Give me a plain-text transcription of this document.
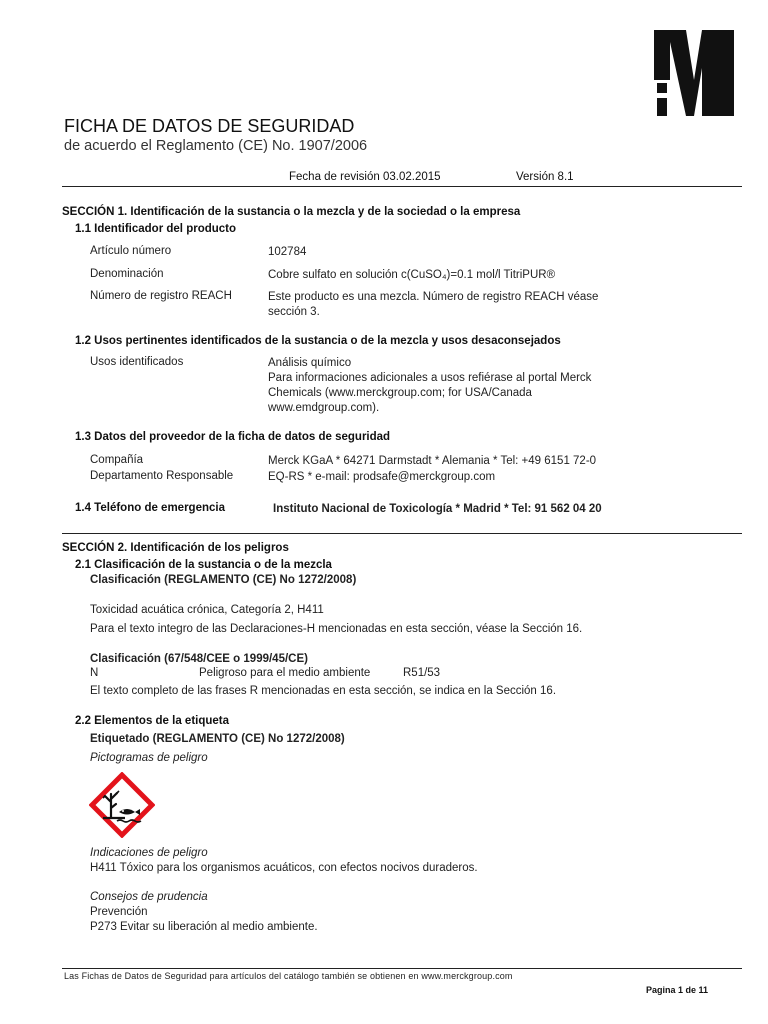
FICHA DE DATOS DE SEGURIDAD
de acuerdo el Reglamento (CE) No. 1907/2006
Fecha de revisión 03.02.2015	Versión 8.1
SECCIÓN 1. Identificación de la sustancia o la mezcla y de la sociedad o la empresa
1.1 Identificador del producto
Artículo número	102784
Denominación	Cobre sulfato en solución c(CuSO₄)=0.1 mol/l TitriPUR®
Número de registro REACH	Este producto es una mezcla. Número de registro REACH véase
sección 3.
1.2 Usos pertinentes identificados de la sustancia o de la mezcla y usos desaconsejados
Usos identificados	Análisis químico
Para informaciones adicionales a usos refiérase al portal Merck
Chemicals (www.merckgroup.com; for USA/Canada
www.emdgroup.com).
1.3 Datos del proveedor de la ficha de datos de seguridad
Compañía	Merck KGaA * 64271 Darmstadt * Alemania * Tel: +49 6151 72-0
Departamento Responsable	EQ-RS * e-mail: prodsafe@merckgroup.com
1.4 Teléfono de emergencia	Instituto Nacional de Toxicología * Madrid * Tel: 91 562 04 20
SECCIÓN 2. Identificación de los peligros
2.1 Clasificación de la sustancia o de la mezcla
Clasificación (REGLAMENTO (CE) No 1272/2008)
Toxicidad acuática crónica, Categoría 2, H411
Para el texto integro de las Declaraciones-H mencionadas en esta sección, véase la Sección 16.
Clasificación (67/548/CEE o 1999/45/CE)
N	Peligroso para el medio ambiente	R51/53
El texto completo de las frases R mencionadas en esta sección, se indica en la Sección 16.
2.2 Elementos de la etiqueta
Etiquetado (REGLAMENTO (CE) No 1272/2008)
Pictogramas de peligro
Indicaciones de peligro
H411 Tóxico para los organismos acuáticos, con efectos nocivos duraderos.
Consejos de prudencia
Prevención
P273 Evitar su liberación al medio ambiente.
Las Fichas de Datos de Seguridad para artículos del catálogo también se obtienen en www.merckgroup.com
Pagina 1 de 11
